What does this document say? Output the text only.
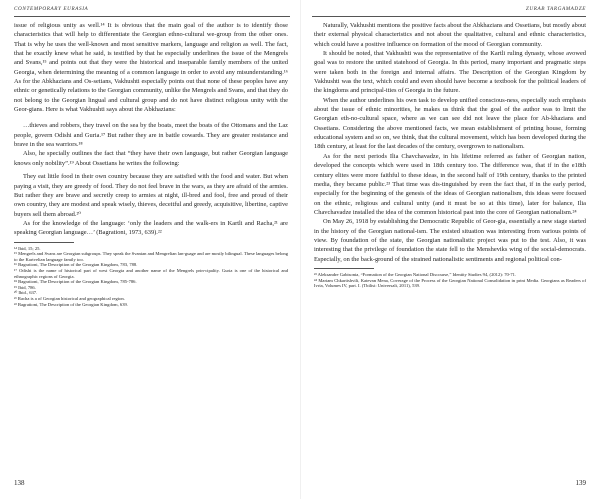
CONTEMPORARY EURASIA

issue of religious unity as well.¹⁴ It is obvious that the main goal of the author is to identify those characteristics that will help to differentiate the Georgian ethno-cultural we-group from the other ones. That is why he uses the well-known and most sensitive markers, language and religion as well. The fact, that he exactly knew what he said, is testified by that he especially underlines the issue of the Mengrels and Svans,¹⁵ and points out that they were the historical and inseparable family members of the united Georgia, when determining the meaning of a common language in order to avoid any misunderstanding.¹⁶ As for the Abkhazians and Os-setians, Vakhushti especially points out that none of these peoples have any ethnic or genetically relations to the Georgian community, unlike the Mengrels and Svans, and that they do not belong to the Georgian lingual and cultural group and do not have distinct religious unity with the Geor-gians. Here is what Vakhushti says about the Abkhazians:

…thieves and robbers, they travel on the sea by the boats, meet the boats of the Ottomans and the Laz people, govern Odishi and Guria.¹⁷ But rather they are in battle cowards. They are greater resistance and brave in the sea warriors.¹⁸

Also, he specially outlines the fact that “they have their own language, but rather Georgian language knows only nobility”.¹⁹ About Ossetians he writes the following:

They eat little food in their own country because they are satisfied with the food and water. But when paying a visit, they are greedy of food. They do not feel brave in the wars, as they are afraid of the armies. But rather they are brave and secretly creep to armies at night, ill-bred and fool, free and proud of their own country, they are modest and speak wisely, thieves, deceitful and greedy, acquisitive, libertine, captive buyers sell them abroad.²⁰

As for the knowledge of the language: ‘only the leaders and the walk-ers in Kartli and Racha,²¹ are speaking Georgian language…’ (Bagrationi, 1973, 639).²²

¹⁴ Ibid, 15; 25.

¹⁵ Mengrels and Svans are Georgian subgroups. They speak the Svanian and Mengrelian lan-guage and are mostly bilingual. These languages belong to the Kartvelian language family too.

¹⁶ Bagrationi, The Description of the Georgian Kingdom, 783, 788.

¹⁷ Odishi is the name of historical part of west Georgia and another name of the Mengrels prin-cipality. Guria is one of the historical and ethnographic regions of Georgia.

¹⁸ Bagrationi, The Description of the Georgian Kingdom, 785-786.

¹⁹ Ibid, 786.

²⁰ Ibid., 637.

²¹ Racha is a of Georgian historical and geographical region.

²² Bagrationi, The Description of the Georgian Kingdom, 639.

138
ZURAB TARGAMADZE

Naturally, Vakhushti mentions the positive facts about the Abkhazians and Ossetians, but mostly about their external physical characteristics and not about the qualitative, cultural and ethnic characteristics, which could have a positive influence on formation of the mood of Georgian community.

It should be noted, that Vakhushti was the representative of the Kartli ruling dynasty, whose avowed goal was to restore the united statehood of Georgia. In this period, many important and pragmatic steps were taken both in the foreign and internal affairs. The Description of the Georgian Kingdom by Vakhushti was the text, which could and even should have become a textbook for the political leaders of the kingdoms and principal-ities of Georgia in the future.

When the author underlines his own task to develop unified conscious-ness, especially such emphasis about the issue of ethnic minorities, he makes us think that the goal of the author was to limit the Georgian eth-no-cultural space, where as we can see did not leave the place for Ab-khazians and Ossetians. Considering the above mentioned facts, we mean establishment of printing house, forming educational system and so on, we think, that the cultural movement, which has been developed during the 18th century, at least for the last decades of the century, overgrown to nationalism.

As for the next periods Ilia Chavchavadze, in his lifetime referred as father of Georgian nation, developed the concepts which were used in 18th century too. The difference was, that if in the e18th century elites were more faithful to these ideas, in the second half of 19th century, thanks to the printed media, they became public.²³ That time was dis-tinguished by even the fact that, if in the early period, especially for the beginning of the genesis of the ideas of Georgian nationalism, this ideas were focused on the ethnic, religious and cultural unity (and it must be so at this time), later for balance, Ilia Chavchavadze installed the idea of the common historical past into the core of Georgian nationalism.²⁴

On May 26, 1918 by establishing the Democratic Republic of Geor-gia, essentially a new stage started in the history of the Georgian national-ism. The existed situation was interesting from various points of view. By foundation of the state, the Georgian nationalistic project was put to the test. Also, it was interesting that the privilege of foundation the state fell to the Mensheviks wing of the social-democrats. Especially, on the back-ground of the strained nationalistic sentiments and regional political con-

²³ Aleksandre Gabisonia, “Formation of the Georgian National Discourse,” Identity Studies 94, (2012): 70-71.

²⁴ Mariam Chkartishvili, Katevan Mena, Coverage of the Process of the Georgian National Consolidation in print Media. Georgians as Readers of Ivria, Volumes IV, part. I. (Tbilisi: Universali, 2011), 539.

139
